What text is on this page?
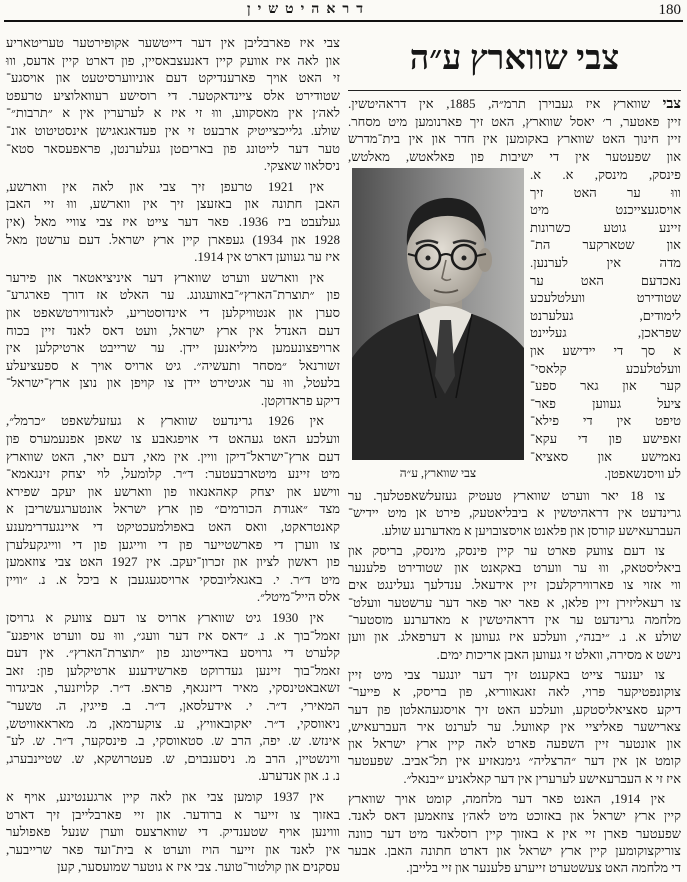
דראהיטשין	180
צבי איז פארבליבן אין דער דייטשער אקופירטער טעריטאריע
און לאה איז אוועק קיין דאנעצבאסיין, פון דארט קיין אדעס, וווּ
זי האט אויך פארענדיקט דעם אוניווערסיטעט און אויסגע־
שטודירט אלס ציינדאקטער. די רוסישע רעוואלוציע טרעפט
לאה׳ן אין מאסקווע, וווּ זי איז א לערערין אין א ״תרבות״־
שולע. גלייכצייטיק ארבעט זי אין פעדאגאגישן אינסטיטוט אונ־
טער דער לייטונג פון באריםטן געלערנטן, פראפעסאר סטא־
ניסלאוו שאצקי.
אין 1921 טרעפן זיך צבי און לאה אין ווארשע,
האבן חתונה און באזעצן זיך אין ווארשע, וווּ זיי האבן
געלעבט ביז 1936. פאר דער צייט איז צבי צוויי מאל (אין
1928 און 1934) געפארן קיין ארץ ישראל. דעם ערשטן מאל
איז ער געווען דארט אין 1914.
אין ווארשע ווערט שווארץ דער איניציאטאר און פירער
פון ״תוצרת־הארץ״־באוועגונג. ער האלט אז דורך פארגרע־
סערן און אנטוויקלען די אינדוסטריע, לאנדווירטשאפט און
דעם האנדל אין ארץ ישראל, וועט דאס לאנד זיין בכוח
ארויפצונעמען מיליאנען יידן. ער שרייבט ארטיקלען אין
זשורנאל ״מסחר ותעשיה״. גיט ארויס אויך א ספעציעלע
בלעטל, וווּ ער אגיטירט יידן צו קויפן און נוצן ארץ־ישראל־
דיקע פראדוקטן.
אין 1926 גרינדעט שווארץ א געזעלשאפט ״כרמל״,
וועלכע האט געהאט די אויפגאבע צו שאפן אפנעמערס פון
דעם ארץ־ישראל־דיקן וויין. אין מאי, דעם יאר, האט שווארץ
מיט זיינע מיטארבעטער: ד״ר. קלומעל, לוי יצחק זינגאמא־
ווישע און יצחק קאהאנאוו פון ווארשע און יעקב שפירא
מצד ״אגודת הכורמים״ פון ארץ ישראל אונטערגעשריבן א
קאנטראקט, וואס האט באפולמעכטיקט די איינגעדרימענע
צו ווערן די פארשטייער פון די ווייגען פון די ווייגקעלערן
פון ראשון לציון און זכרון־יעקב. אין 1927 האט צבי צוזאמען
מיט ד״ר. י. באגאליובסקי ארויסגעגעבן א ביכל א. נ. ״וויין
אלס הייל־מיטל״.
אין 1930 גיט שווארץ ארויס צו דעם צוועק א גרויסן
זאמל־בוך א. נ. ״דאס איז דער וועג״, וווּ עס ווערט אויפגע־
קלערט די גרויסע באדייטונג פון ״תוצרת־הארץ״. אין דעם
זאמל־בוך זיינען געדרוקט פארשידענע ארטיקלען פון: זאב
זשאבאטינסקי, מאיר דיזנגאף, פראפ. ד״ר. קלויזנער, אביגדור
המאירי, ד״ר. י. אידעלסאן, ד״ר. ב. פייגין, ה. טשער־
ניאווסקי, ד״ר. יאקובאוויץ, ע. צוקערמאן, מ. מאראאוויטש,
אינזש. ש. יפה, הרב ש. סטאווסקי, ב. פינסקער, ד״ר. ש. לע־
ווינשטיין, הרב מ. ניסענבוים, ש. פעטרושקא, ש. שטיינבערג,
נ. נ. און אנדערע.
אין 1937 קומען צבי און לאה קיין ארגענטינע, אויף א
באזוך צו זייער א ברודער. און זיי פארבלייבן זיך דארט
וווינען אויף שטענדיק. די שווארצעס ווערן שנעל פאפולער
אין לאנד און זייער הויז ווערט א בית־ועד פאר שרייבער,
עסקנים און קולטור־טוער. צבי איז א גוטער שמועסער, קען
צבי שווארץ ע״ה
צבי שווארץ איז געבוירן תרמ״ה, 1885, אין דראהיטשין.
זיין פאטער, ר׳ יאסל שווארץ, האט זיך פארנומען מיט מסחר.
זיין חינוך האט שווארץ באקומען אין חדר און אין בית־מדרש
און שפעטער אין די ישיבות פון פאלאטש, מאלטש,
פינסק, מינסק, א. א.
וווּ ער האט זיך
אויסגעצייכנט מיט
זיינע גוטע כשרונות
און שטארקער הת־
מדה אין לערנען.
נאכדעם האט ער
שטודירט וועלטלעכע
לימודים, געלערנט
שפראכן, געליינט
א סך די יידישע און
וועלטלעכע קלאסי־
קער און גאר ספע־
ציעל געווען פאר־
טיפט אין די פילא־
זאפישע פון די עקא־
נאמישע און סאציא־
לע וויסנשאפטן.
צבי שווארץ, ע״ה
צו 18 יאר ווערט שווארץ טעטיק געזעלשאפטלעך. ער
גרינדעט אין דראהיטשין א ביבליאטעק, פירט אן מיט יידיש־
העברעאישע קורסן און פלאנט אויסצובויען א מאדערנע שולע.
צו דעם צוועק פארט ער קיין פינסק, מינסק, בריסק און
ביאליסטאק, וווּ ער ווערט באקאנט און שטודירט פלענער
ווי אזוי צו פארווירקלעכן זיין אידעאל. ענדלעך געלינגט אים
צו רעאליזירן זיין פלאן, א פאר יאר פאר דער ערשטער וועלט־
מלחמה גרינדעט ער אין דראהיטשין א מאדערנע מוסטער־
שולע א. נ. ״יבנה״, וועלכע איז געווען א דערפאלג. און ווען
נישט א מסירה, וואלט זי געווען האבן אריכות ימים.
צו יענער צייט באקענט זיך דער יונגער צבי מיט זיין
צוקונפטיקער פרוי, לאה זאגאווריא, פון בריסק, א פייער־
דיקע סאציאליסטקע, וועלכע האט זיך אויסגעהאלטן פון דער
צארישער פאליציי אין קאוועל. ער לערנט איר העברעאיש,
און אונטער זיין השפעה פארט לאה קיין ארץ ישראל און
קומט אן אין דער ״הרצליה״ גימנאזיע אין תל־אביב. שפעטער
איז זי א העברעאישע לערערין אין דער קאלאניע ״יבנאל״.
אין 1914, האנט פאר דער מלחמה, קומט אויך שווארץ
קיין ארץ ישראל און באזוכט מיט לאה׳ן צוזאמען דאס לאנד.
שפעטער פארן זיי אין א באזוך קיין רוסלאנד מיט דער כוונה
צוריקצוקומען קיין ארץ ישראל און דארט חתונה האבן. אבער
די מלחמה האט צעשטערט זייערע פלענער און זיי בלייבן.
